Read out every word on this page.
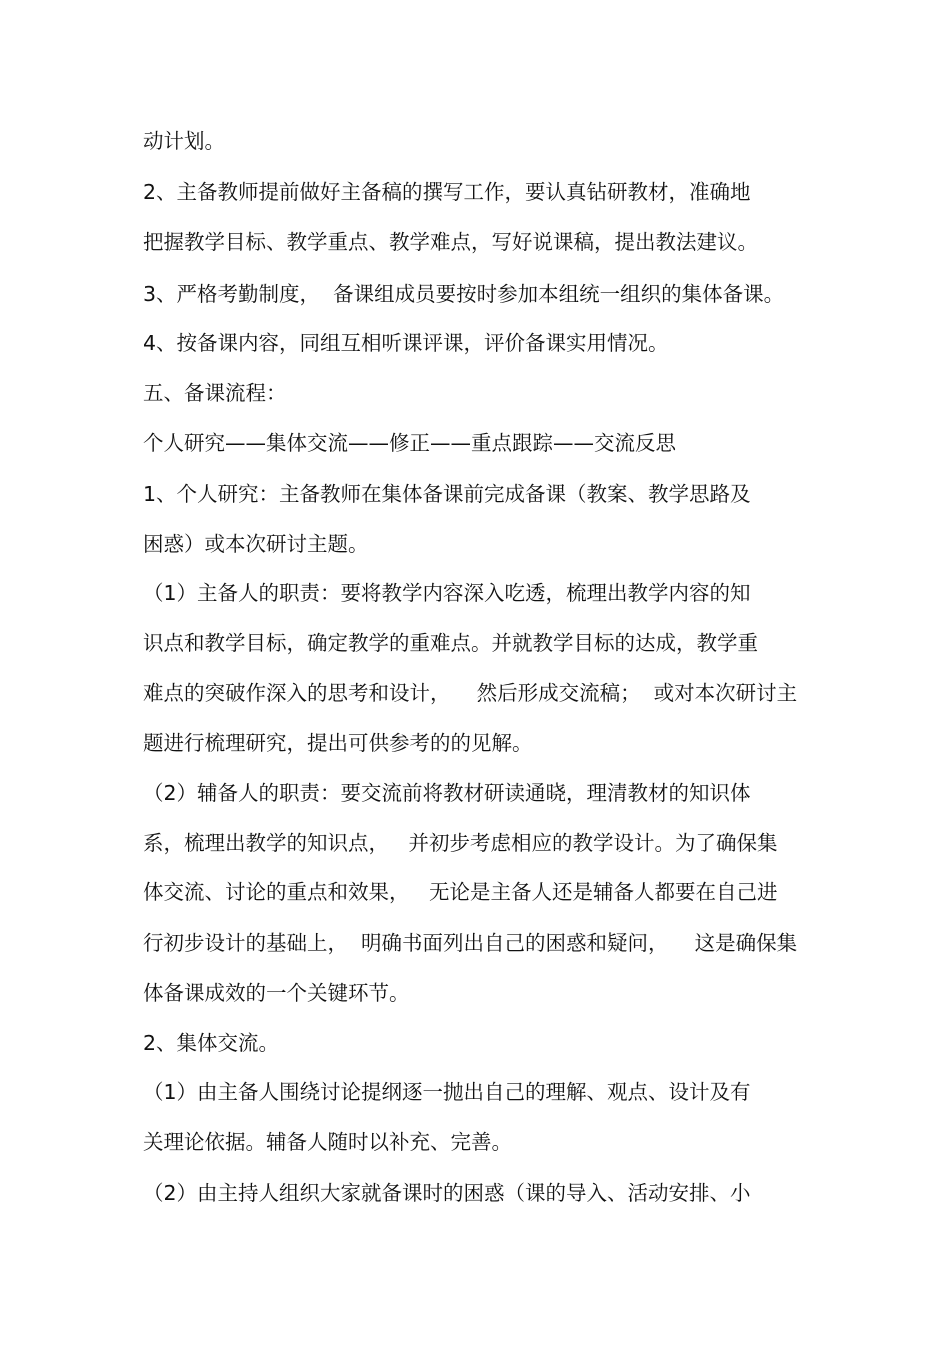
动计划。
2、主备教师提前做好主备稿的撰写工作，要认真钻研教材，准确地
把握教学目标、教学重点、教学难点，写好说课稿，提出教法建议。
3、严格考勤制度，  备课组成员要按时参加本组统一组织的集体备课。
4、按备课内容，同组互相听课评课，评价备课实用情况。
五、备课流程：
个人研究——集体交流——修正——重点跟踪——交流反思
1、个人研究：主备教师在集体备课前完成备课（教案、教学思路及
困惑）或本次研讨主题。
（1）主备人的职责：要将教学内容深入吃透，梳理出教学内容的知
识点和教学目标，确定教学的重难点。并就教学目标的达成，教学重
难点的突破作深入的思考和设计，    然后形成交流稿；  或对本次研讨主
题进行梳理研究，提出可供参考的的见解。
（2）辅备人的职责：要交流前将教材研读通晓，理清教材的知识体
系，梳理出教学的知识点，   并初步考虑相应的教学设计。为了确保集
体交流、讨论的重点和效果，   无论是主备人还是辅备人都要在自己进
行初步设计的基础上，  明确书面列出自己的困惑和疑问，    这是确保集
体备课成效的一个关键环节。
2、集体交流。
（1）由主备人围绕讨论提纲逐一抛出自己的理解、观点、设计及有
关理论依据。辅备人随时以补充、完善。
（2）由主持人组织大家就备课时的困惑（课的导入、活动安排、小
